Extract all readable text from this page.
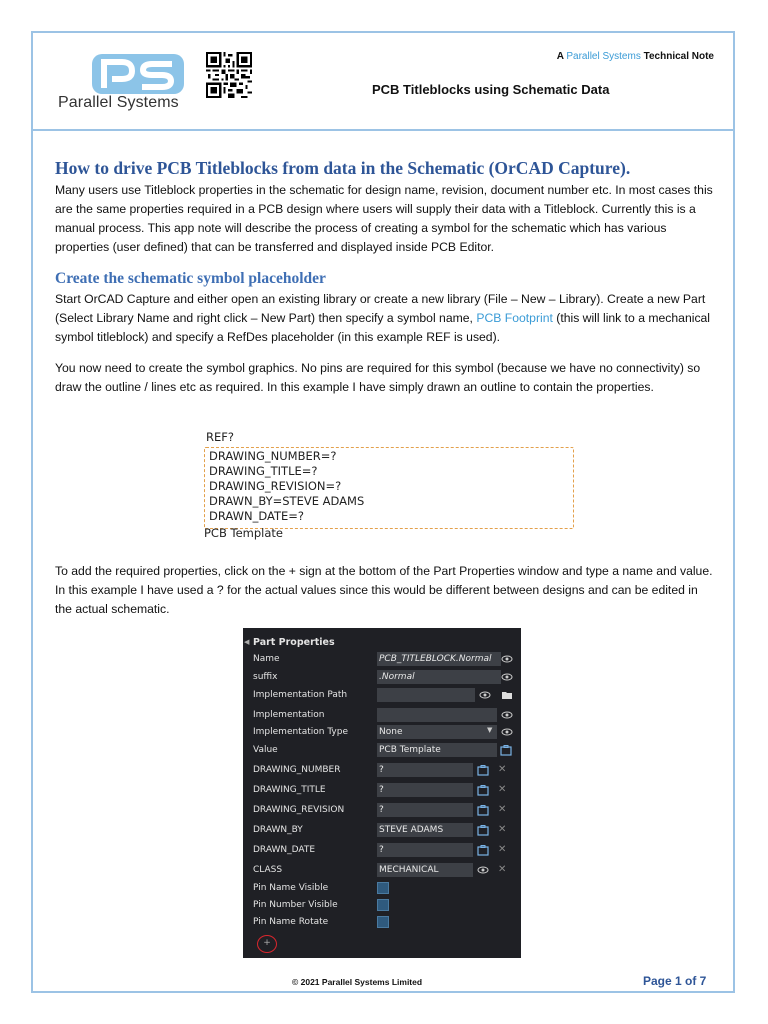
Parallel Systems
A Parallel Systems Technical Note
PCB Titleblocks using Schematic Data
How to drive PCB Titleblocks from data in the Schematic (OrCAD Capture).
Many users use Titleblock properties in the schematic for design name, revision, document number etc. In most cases this are the same properties required in a PCB design where users will supply their data with a Titleblock. Currently this is a manual process. This app note will describe the process of creating a symbol for the schematic which has various properties (user defined) that can be transferred and displayed inside PCB Editor.
Create the schematic symbol placeholder
Start OrCAD Capture and either open an existing library or create a new library (File – New – Library). Create a new Part (Select Library Name and right click – New Part) then specify a symbol name, PCB Footprint (this will link to a mechanical symbol titleblock) and specify a RefDes placeholder (in this example REF is used).
You now need to create the symbol graphics. No pins are required for this symbol (because we have no connectivity) so draw the outline / lines etc as required. In this example I have simply drawn an outline to contain the properties.
REF?
DRAWING_NUMBER=?
DRAWING_TITLE=?
DRAWING_REVISION=?
DRAWN_BY=STEVE ADAMS
DRAWN_DATE=?
PCB Template
To add the required properties, click on the + sign at the bottom of the Part Properties window and type a name and value. In this example I have used a ? for the actual values since this would be different between designs and can be edited in the actual schematic.
◀ Part Properties
Name	PCB_TITLEBLOCK.Normal
suffix	.Normal
Implementation Path
Implementation
Implementation Type	None	▼
Value	PCB Template
DRAWING_NUMBER	?	✕
DRAWING_TITLE	?	✕
DRAWING_REVISION	?	✕
DRAWN_BY	STEVE ADAMS	✕
DRAWN_DATE	?	✕
CLASS	MECHANICAL	✕
Pin Name Visible
Pin Number Visible
Pin Name Rotate
+
© 2021 Parallel Systems Limited	Page 1 of 7
